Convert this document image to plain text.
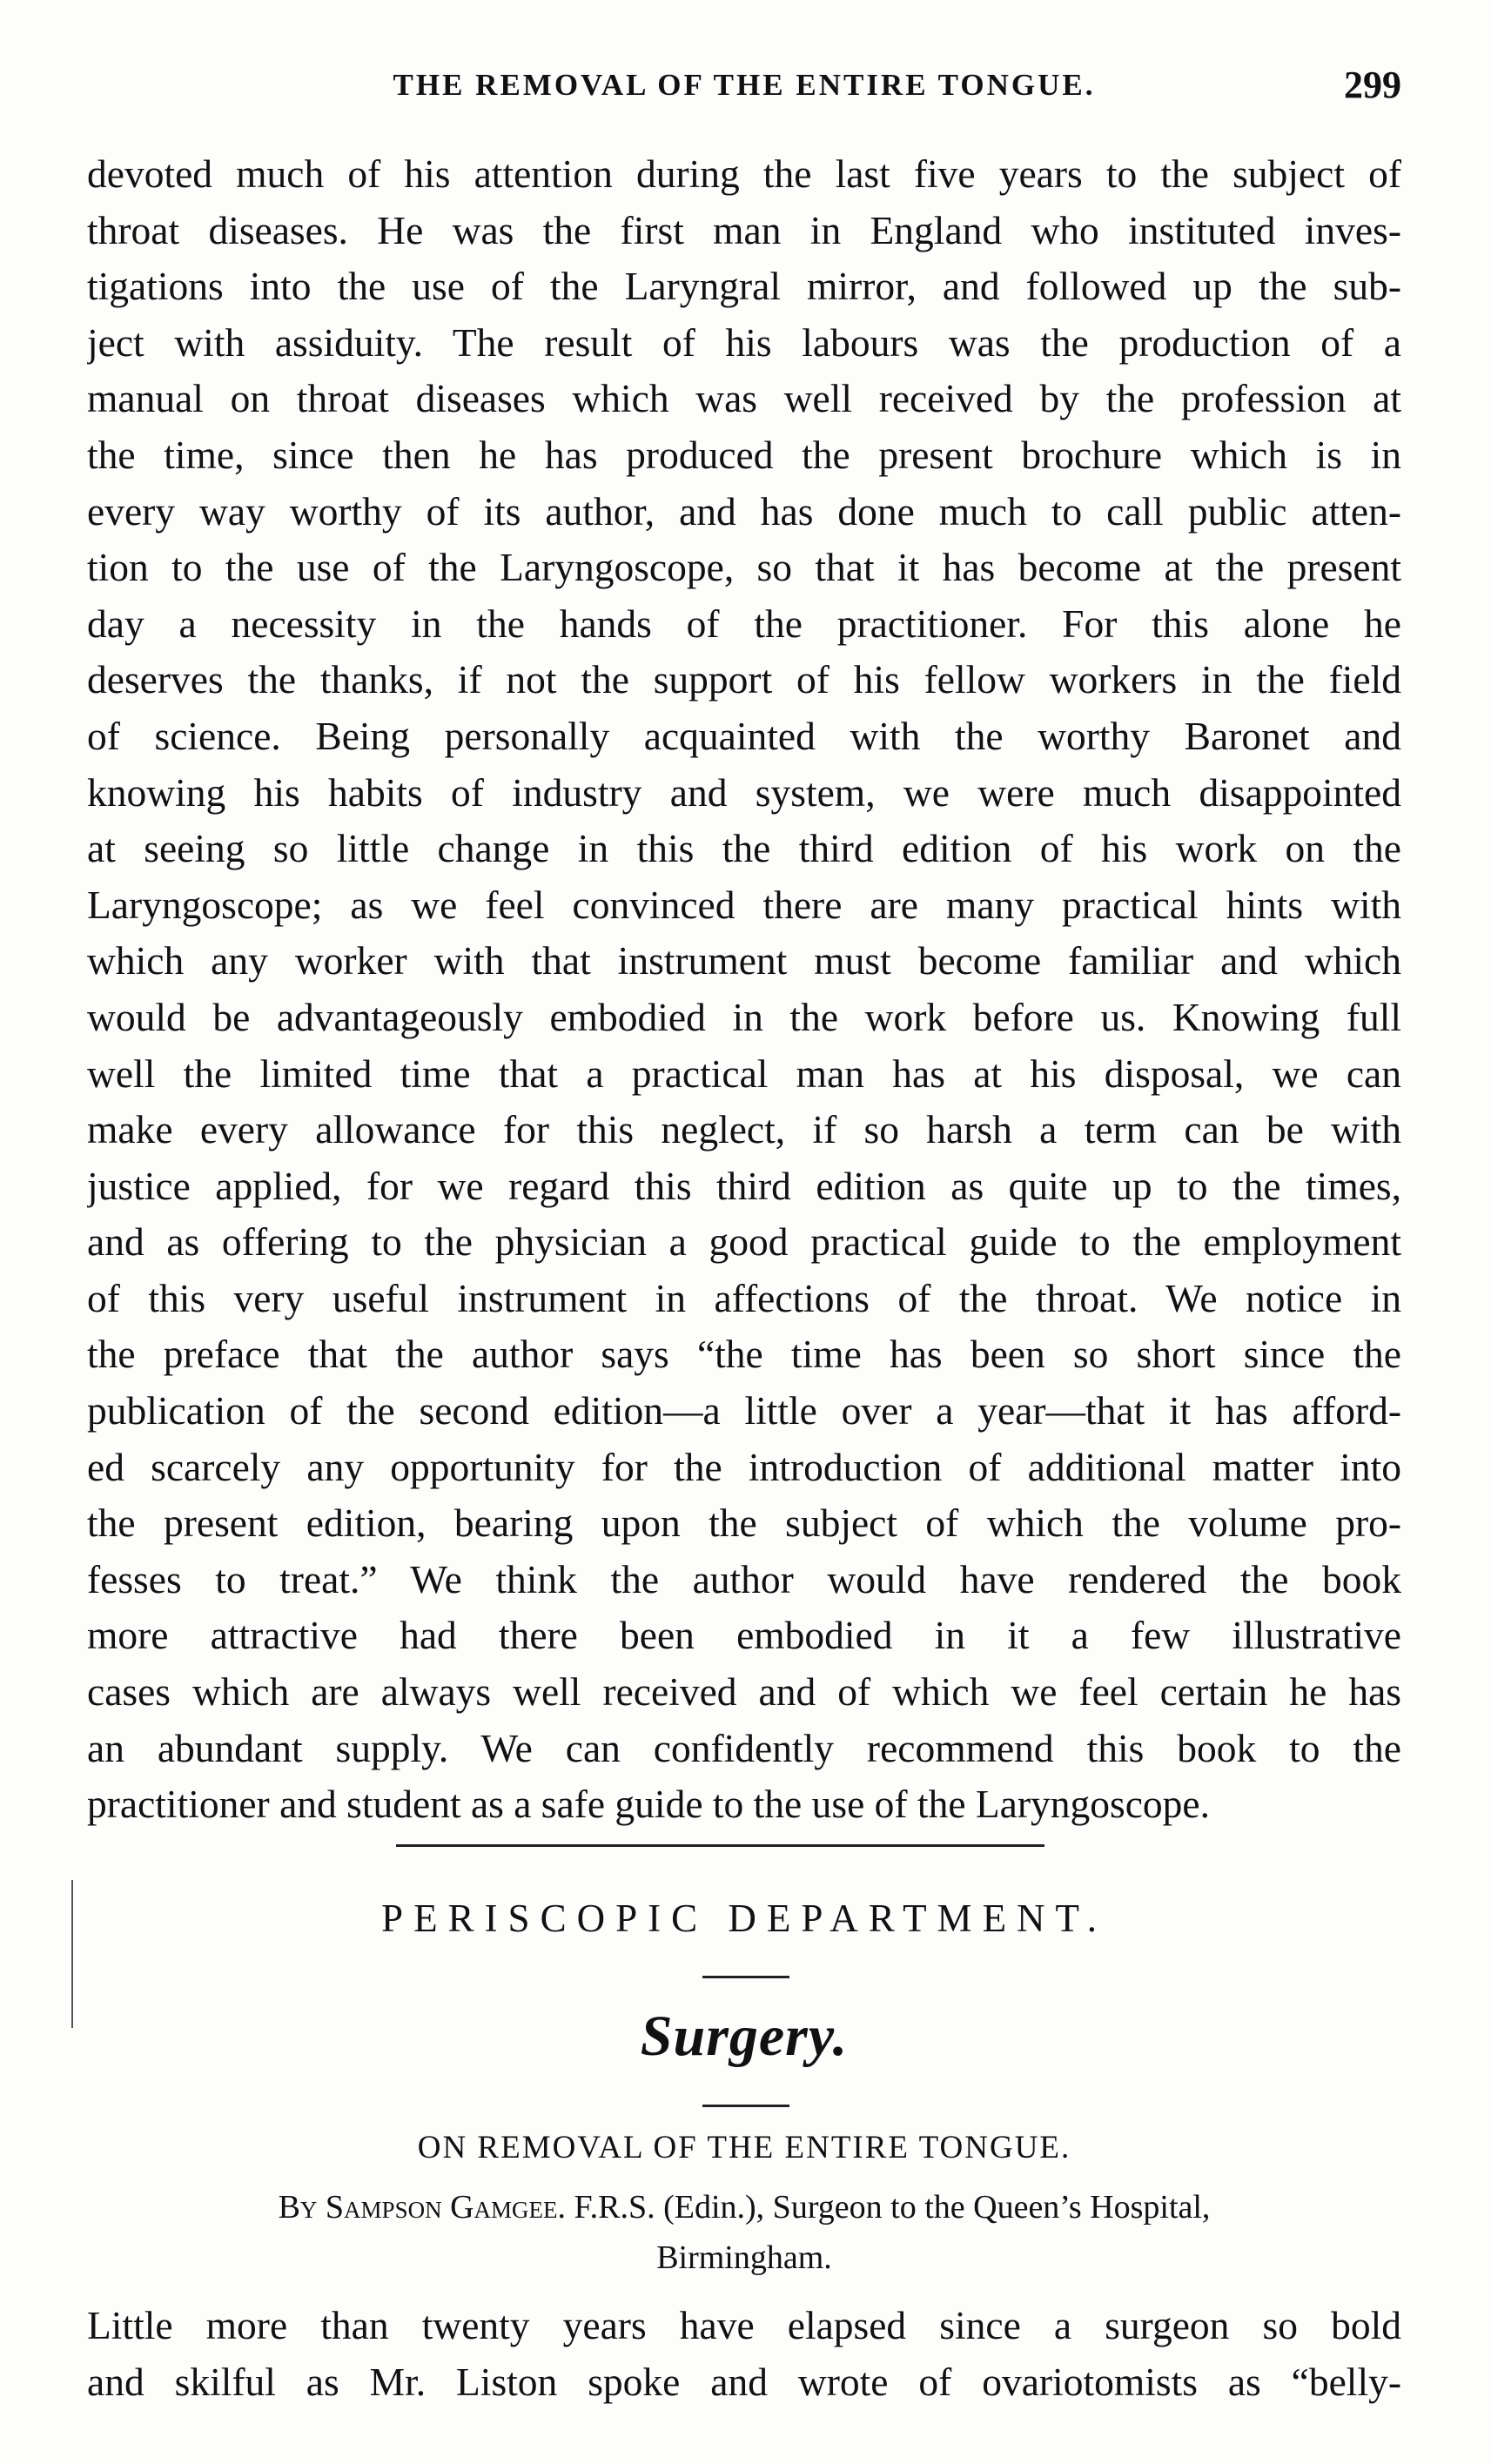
THE REMOVAL OF THE ENTIRE TONGUE.	299
devoted much of his attention during the last five years to the subject of
throat diseases. He was the first man in England who instituted inves-
tigations into the use of the Laryngral mirror, and followed up the sub-
ject with assiduity. The result of his labours was the production of a
manual on throat diseases which was well received by the profession at
the time, since then he has produced the present brochure which is in
every way worthy of its author, and has done much to call public atten-
tion to the use of the Laryngoscope, so that it has become at the present
day a necessity in the hands of the practitioner. For this alone he
deserves the thanks, if not the support of his fellow workers in the field
of science. Being personally acquainted with the worthy Baronet and
knowing his habits of industry and system, we were much disappointed
at seeing so little change in this the third edition of his work on the
Laryngoscope; as we feel convinced there are many practical hints with
which any worker with that instrument must become familiar and which
would be advantageously embodied in the work before us. Knowing full
well the limited time that a practical man has at his disposal, we can
make every allowance for this neglect, if so harsh a term can be with
justice applied, for we regard this third edition as quite up to the times,
and as offering to the physician a good practical guide to the employment
of this very useful instrument in affections of the throat. We notice in
the preface that the author says “the time has been so short since the
publication of the second edition—a little over a year—that it has afford-
ed scarcely any opportunity for the introduction of additional matter into
the present edition, bearing upon the subject of which the volume pro-
fesses to treat.” We think the author would have rendered the book
more attractive had there been embodied in it a few illustrative
cases which are always well received and of which we feel certain he has
an abundant supply. We can confidently recommend this book to the
practitioner and student as a safe guide to the use of the Laryngoscope.
PERISCOPIC DEPARTMENT.
Surgery.
ON REMOVAL OF THE ENTIRE TONGUE.
By Sampson Gamgee. F.R.S. (Edin.), Surgeon to the Queen’s Hospital,
Birmingham.
Little more than twenty years have elapsed since a surgeon so bold
and skilful as Mr. Liston spoke and wrote of ovariotomists as “belly-
